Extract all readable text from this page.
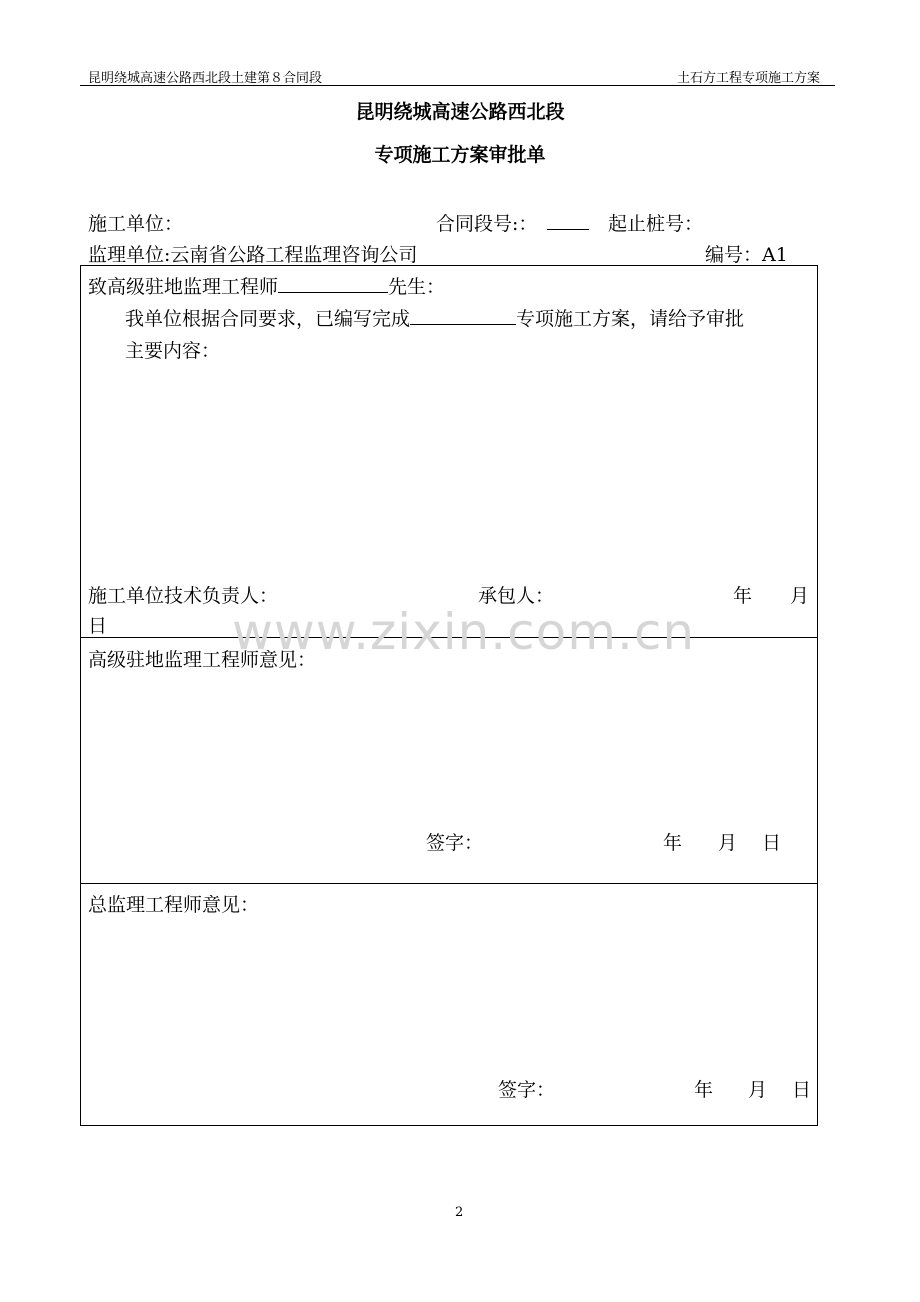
昆明绕城高速公路西北段土建第８合同段	土石方工程专项施工方案
昆明绕城高速公路西北段
专项施工方案审批单
施工单位：	合同段号:：	起止桩号：
监理单位:云南省公路工程监理咨询公司	编号：A1
致高级驻地监理工程师	先生：
我单位根据合同要求，已编写完成	专项施工方案，请给予审批
主要内容：
施工单位技术负责人：	承包人：	年 月
日 www.zixin.com.cn
高级驻地监理工程师意见：
签字：	年 月 日
总监理工程师意见：
签字：	年 月 日
2
